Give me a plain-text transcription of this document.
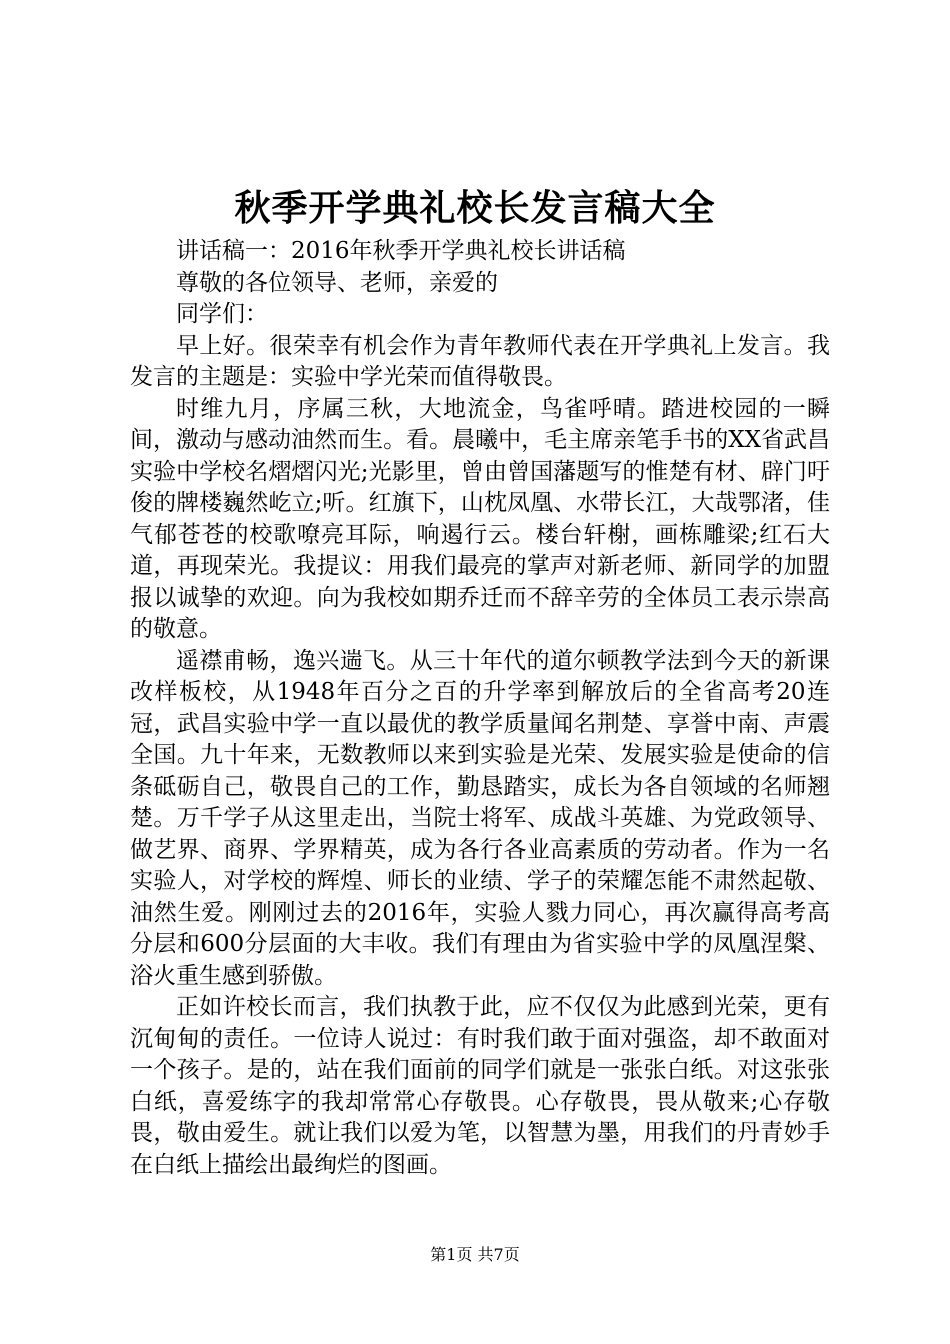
秋季开学典礼校长发言稿大全

讲话稿一：2016年秋季开学典礼校长讲话稿

尊敬的各位领导、老师，亲爱的

同学们：

早上好。很荣幸有机会作为青年教师代表在开学典礼上发言。我发言的主题是：实验中学光荣而值得敬畏。

时维九月，序属三秋，大地流金，鸟雀呼晴。踏进校园的一瞬间，激动与感动油然而生。看。晨曦中，毛主席亲笔手书的XX省武昌实验中学校名熠熠闪光;光影里，曾由曾国藩题写的惟楚有材、辟门吁俊的牌楼巍然屹立;听。红旗下，山枕凤凰、水带长江，大哉鄂渚，佳气郁苍苍的校歌嘹亮耳际，响遏行云。楼台轩榭，画栋雕梁;红石大道，再现荣光。我提议：用我们最亮的掌声对新老师、新同学的加盟报以诚挚的欢迎。向为我校如期乔迁而不辞辛劳的全体员工表示崇高的敬意。

遥襟甫畅，逸兴遄飞。从三十年代的道尔顿教学法到今天的新课改样板校，从1948年百分之百的升学率到解放后的全省高考20连冠，武昌实验中学一直以最优的教学质量闻名荆楚、享誉中南、声震全国。九十年来，无数教师以来到实验是光荣、发展实验是使命的信条砥砺自己，敬畏自己的工作，勤恳踏实，成长为各自领域的名师翘楚。万千学子从这里走出，当院士将军、成战斗英雄、为党政领导、做艺界、商界、学界精英，成为各行各业高素质的劳动者。作为一名实验人，对学校的辉煌、师长的业绩、学子的荣耀怎能不肃然起敬、油然生爱。刚刚过去的2016年，实验人戮力同心，再次赢得高考高分层和600分层面的大丰收。我们有理由为省实验中学的凤凰涅槃、浴火重生感到骄傲。

正如许校长而言，我们执教于此，应不仅仅为此感到光荣，更有沉甸甸的责任。一位诗人说过：有时我们敢于面对强盗，却不敢面对一个孩子。是的，站在我们面前的同学们就是一张张白纸。对这张张白纸，喜爱练字的我却常常心存敬畏。心存敬畏，畏从敬来;心存敬畏，敬由爱生。就让我们以爱为笔，以智慧为墨，用我们的丹青妙手在白纸上描绘出最绚烂的图画。

第1页 共7页
